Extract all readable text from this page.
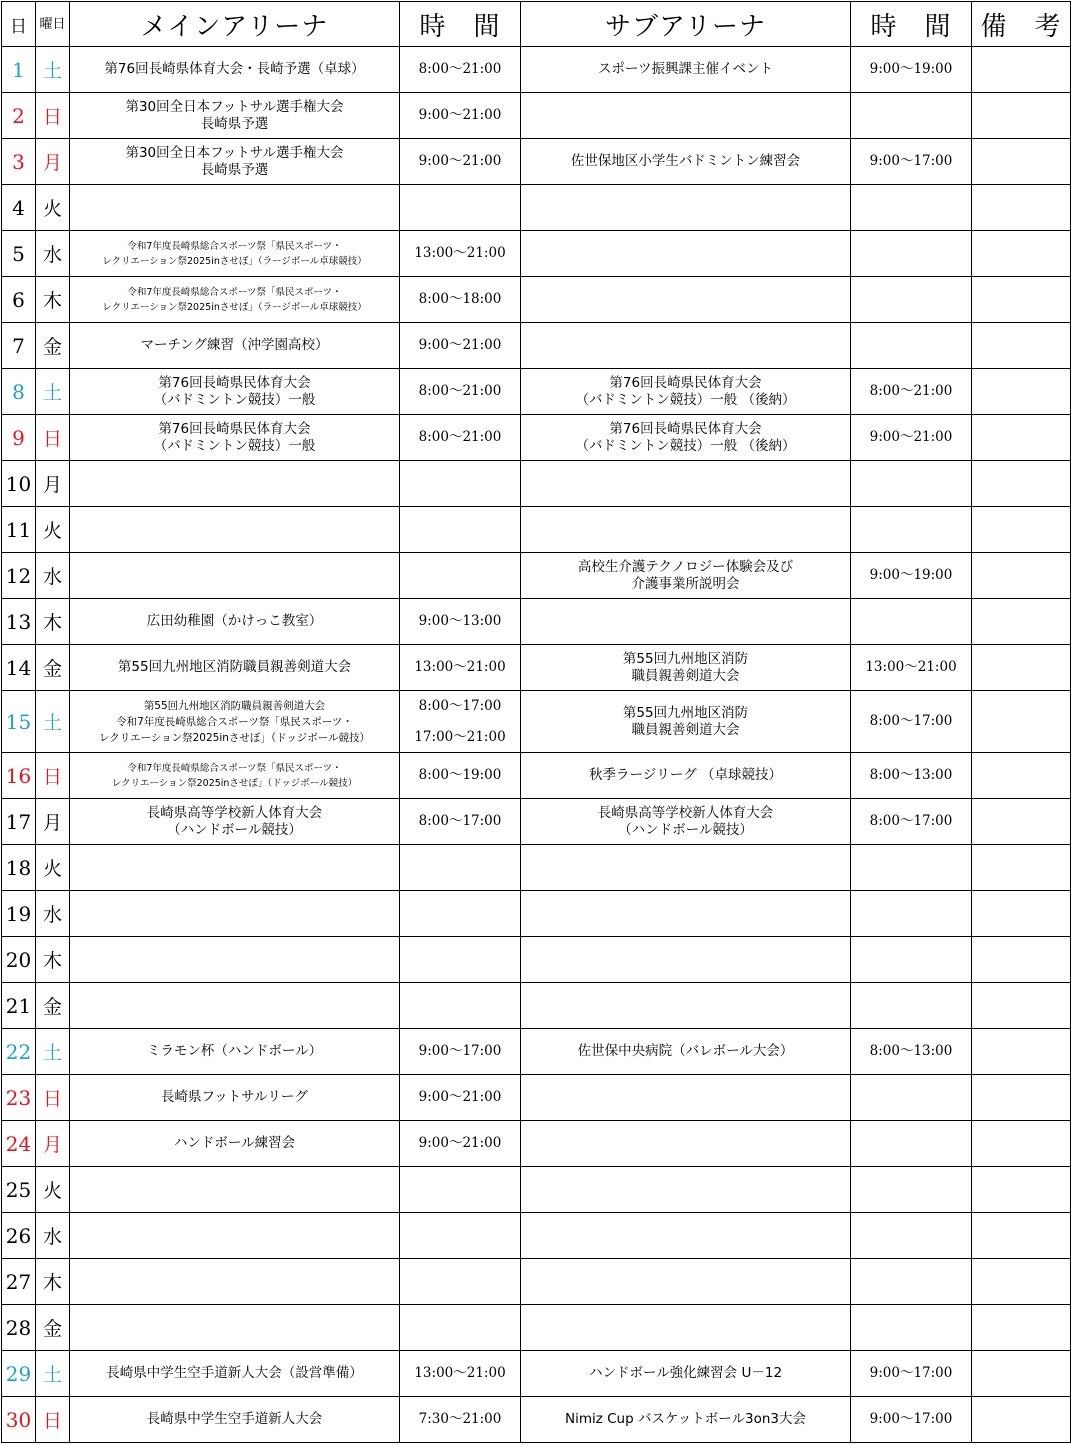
日	曜日	メインアリーナ	時　間	サブアリーナ	時　間	備　考
1	土	第76回長崎県体育大会・長崎予選（卓球）	8:00～21:00	スポーツ振興課主催イベント	9:00～19:00	
2	日	第30回全日本フットサル選手権大会
長崎県予選	9:00～21:00			

3	月	第30回全日本フットサル選手権大会
長崎県予選	9:00～21:00	佐世保地区小学生バドミントン練習会	9:00～17:00	
4	火					
5	水	令和7年度長崎県総合スポーツ祭「県民スポーツ・
レクリエーション祭2025inさせぼ」（ラージボール卓球競技）	13:00～21:00			

6	木	令和7年度長崎県総合スポーツ祭「県民スポーツ・
レクリエーション祭2025inさせぼ」（ラージボール卓球競技）	8:00～18:00			

7	金	マーチング練習（沖学園高校）	9:00～21:00			

8	土	第76回長崎県民体育大会
（バドミントン競技）一般	8:00～21:00	第76回長崎県民体育大会
（バドミントン競技）一般 （後納）	8:00～21:00	
9	日	第76回長崎県民体育大会
（バドミントン競技）一般	8:00～21:00	第76回長崎県民体育大会
（バドミントン競技）一般 （後納）	9:00～21:00	
10	月					
11	火					
12	水			高校生介護テクノロジー体験会及び
介護事業所説明会	9:00～19:00	
13	木	広田幼稚園（かけっこ教室）	9:00～13:00			

14	金	第55回九州地区消防職員親善剣道大会	13:00～21:00	第55回九州地区消防
職員親善剣道大会	13:00～21:00	
15	土	第55回九州地区消防職員親善剣道大会
令和7年度長崎県総合スポーツ祭「県民スポーツ・
レクリエーション祭2025inさせぼ」（ドッジボール競技）	8:00～17:00
17:00～21:00	第55回九州地区消防
職員親善剣道大会	8:00～17:00	
16	日	令和7年度長崎県総合スポーツ祭「県民スポーツ・
レクリエーション祭2025inさせぼ」（ドッジボール競技）	8:00～19:00	秋季ラージリーグ （卓球競技）	8:00～13:00	
17	月	長崎県高等学校新人体育大会
（ハンドボール競技）	8:00～17:00	長崎県高等学校新人体育大会
（ハンドボール競技）	8:00～17:00	
18	火					
19	水					
20	木					
21	金					
22	土	ミラモン杯（ハンドボール）	9:00～17:00	佐世保中央病院（バレボール大会）	8:00～13:00	
23	日	長崎県フットサルリーグ	9:00～21:00			

24	月	ハンドボール練習会	9:00～21:00			

25	火					
26	水					
27	木					
28	金					
29	土	長崎県中学生空手道新人大会（設営準備）	13:00～21:00	ハンドボール強化練習会 U－12	9:00～17:00	
30	日	長崎県中学生空手道新人大会	7:30～21:00	Nimiz Cup バスケットボール3on3大会	9:00～17:00	
